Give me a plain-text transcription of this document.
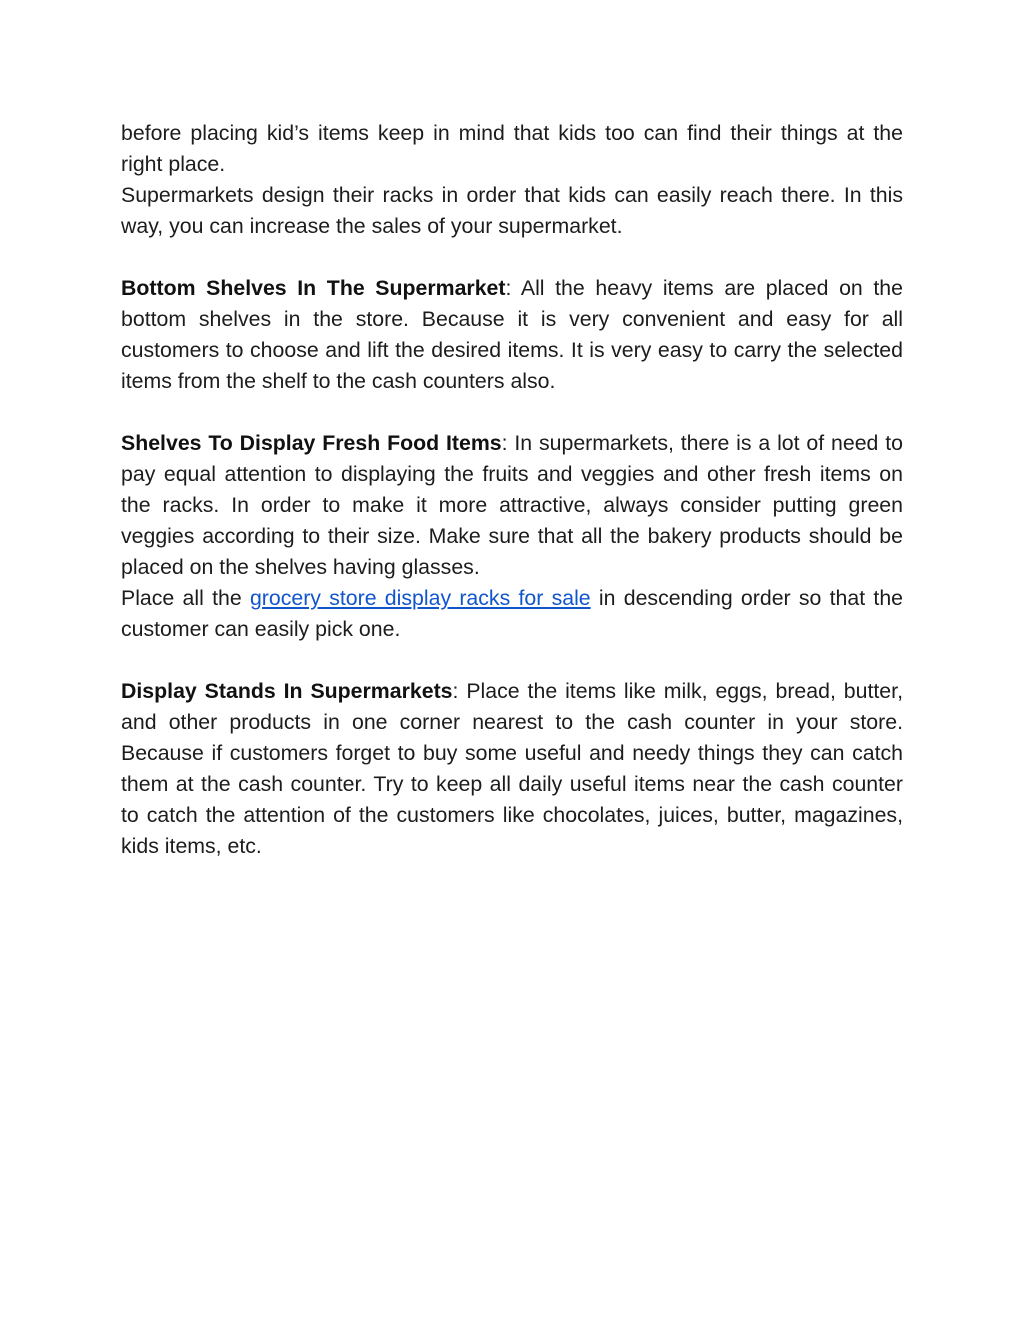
before placing kid’s items keep in mind that kids too can find their things at the right place.

Supermarkets design their racks in order that kids can easily reach there. In this way, you can increase the sales of your supermarket.

Bottom Shelves In The Supermarket: All the heavy items are placed on the bottom shelves in the store. Because it is very convenient and easy for all customers to choose and lift the desired items. It is very easy to carry the selected items from the shelf to the cash counters also.

Shelves To Display Fresh Food Items: In supermarkets, there is a lot of need to pay equal attention to displaying the fruits and veggies and other fresh items on the racks. In order to make it more attractive, always consider putting green veggies according to their size. Make sure that all the bakery products should be placed on the shelves having glasses.

Place all the grocery store display racks for sale in descending order so that the customer can easily pick one.

Display Stands In Supermarkets: Place the items like milk, eggs, bread, butter, and other products in one corner nearest to the cash counter in your store. Because if customers forget to buy some useful and needy things they can catch them at the cash counter. Try to keep all daily useful items near the cash counter to catch the attention of the customers like chocolates, juices, butter, magazines, kids items, etc.
